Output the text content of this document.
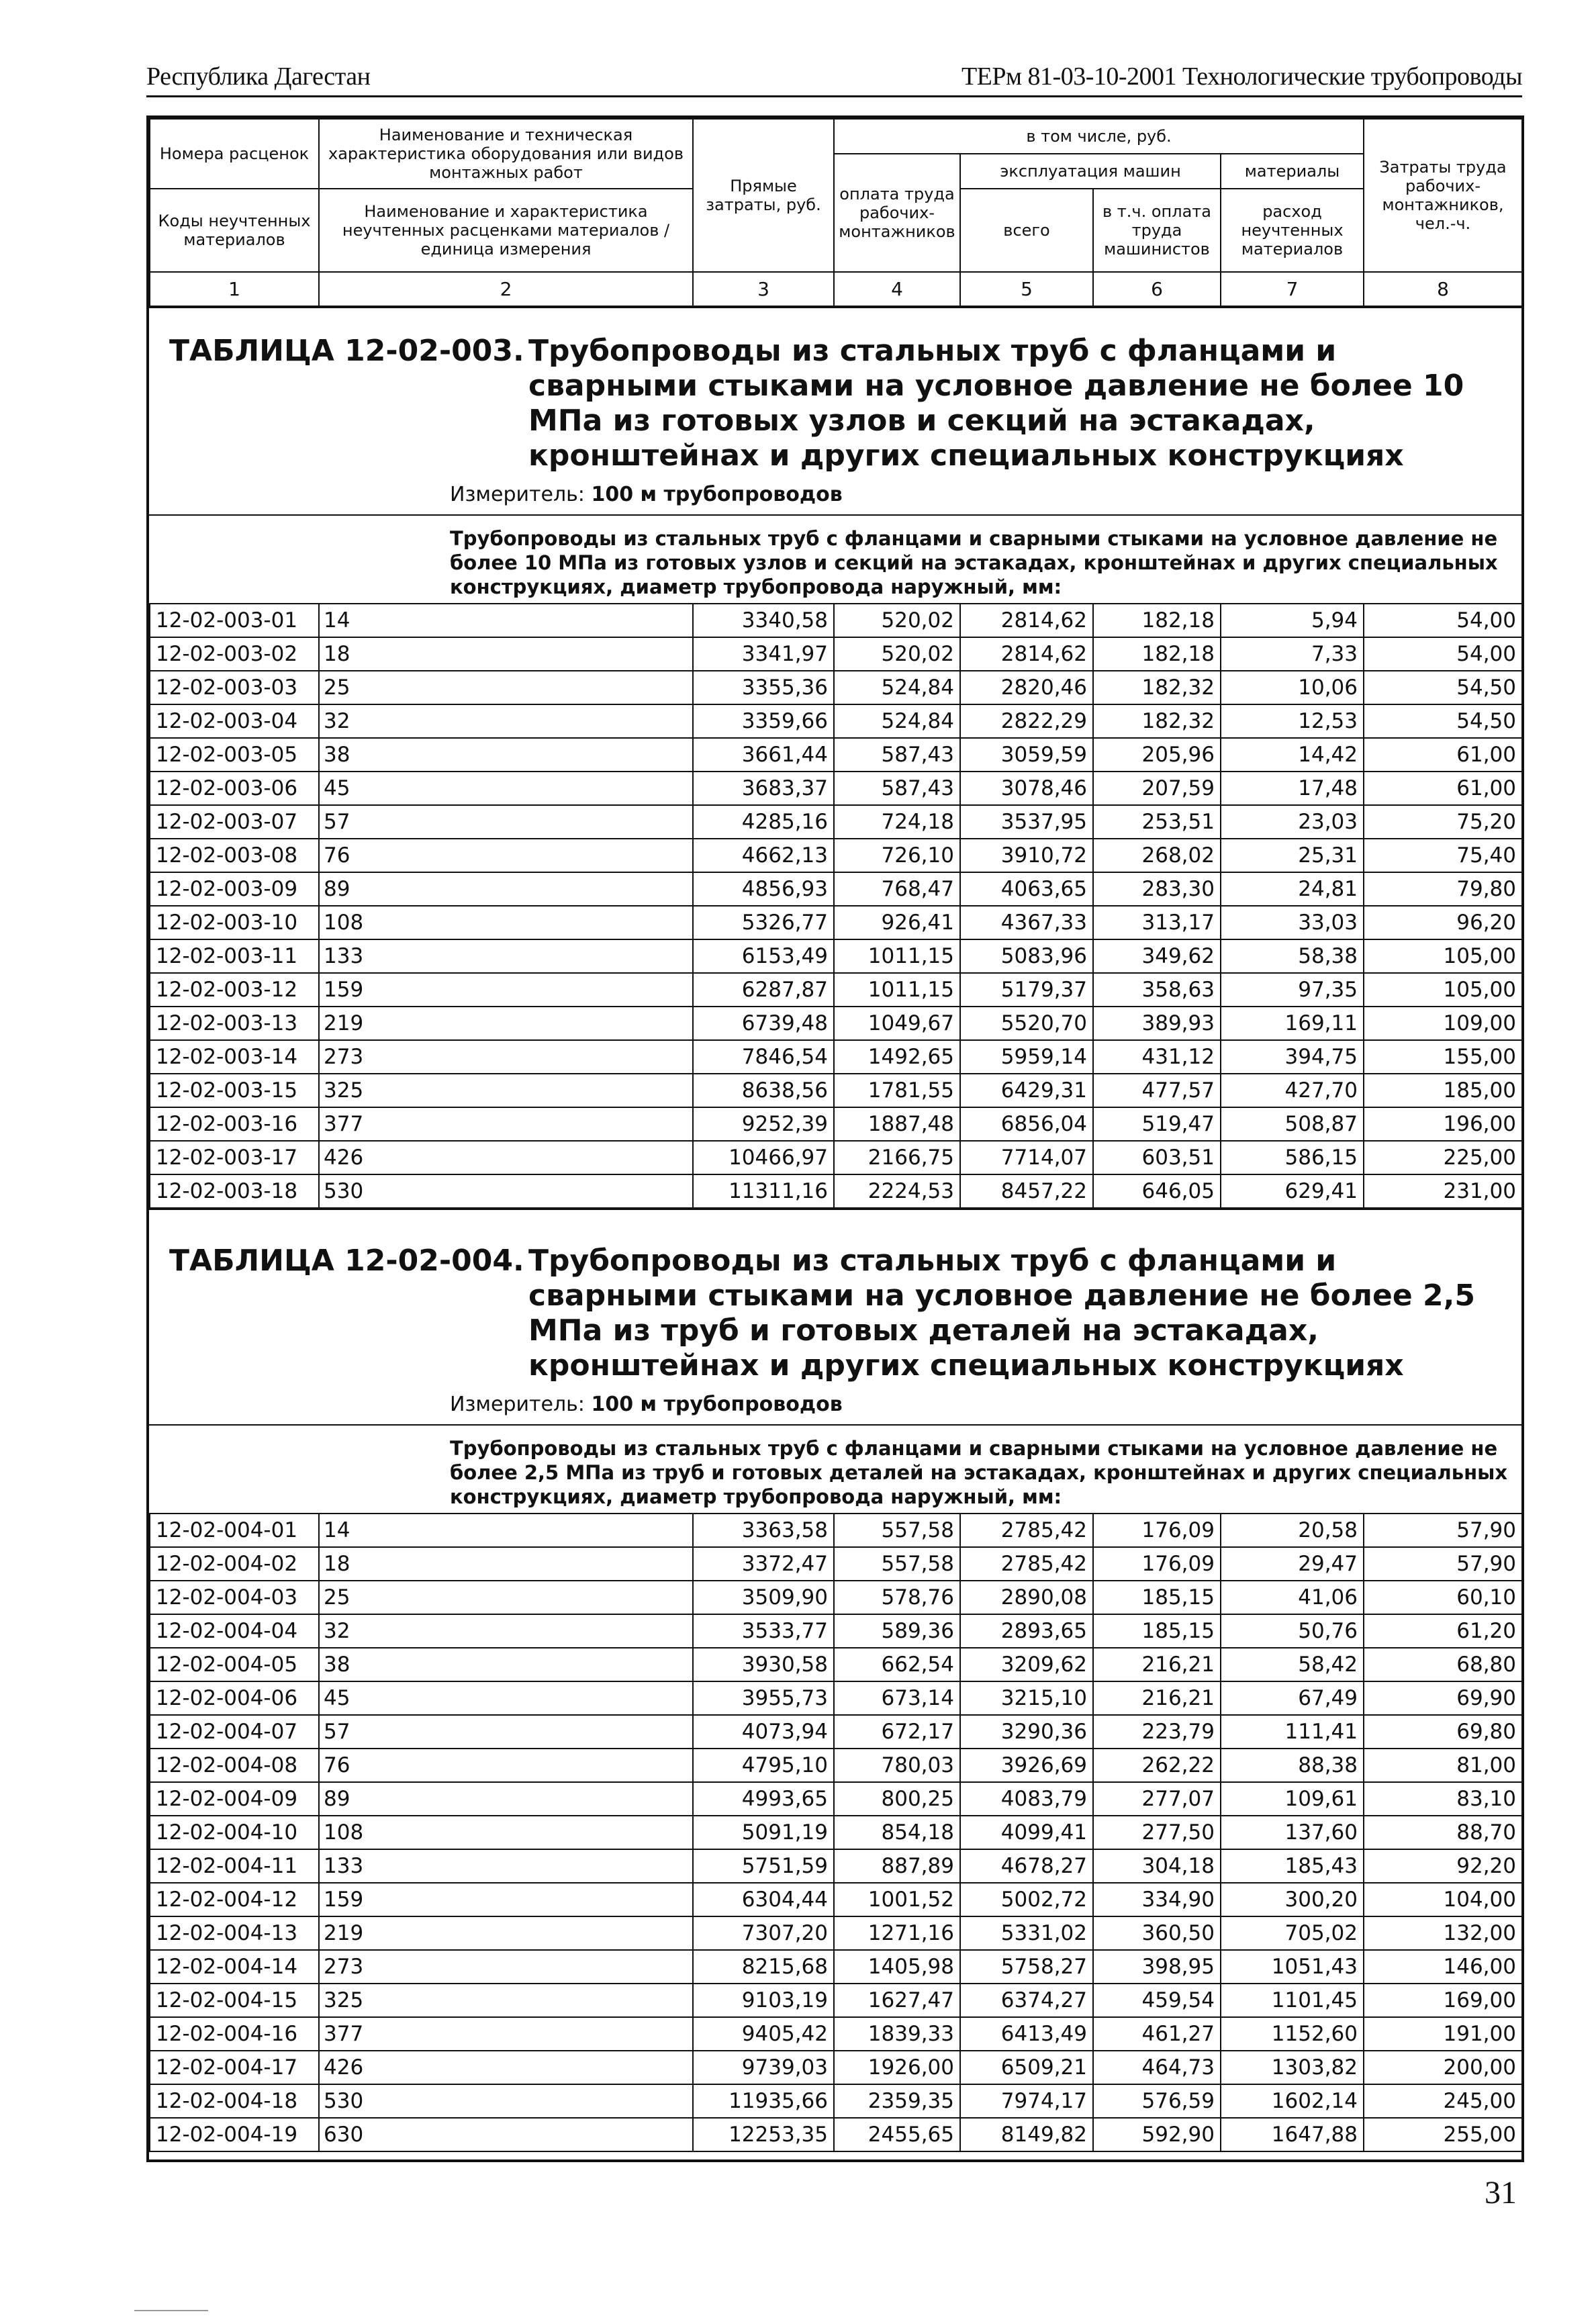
Республика Дагестан	ТЕРм 81-03-10-2001 Технологические трубопроводы
Номера расценок	Наименование и техническая характеристика оборудования или видов монтажных работ	Прямые затраты, руб.	в том числе, руб.				Затраты труда рабочих-монтажников, чел.-ч.
			оплата труда рабочих-монтажников	эксплуатация машин		материалы	
Коды неучтенных материалов	Наименование и характеристика неучтенных расценками материалов / единица измерения			всего	в т.ч. оплата труда машинистов	расход неучтенных материалов	

1	2	3	4	5	6	7	8
ТАБЛИЦА 12-02-003. Трубопроводы из стальных труб с фланцами и сварными стыками на условное давление не более 10 МПа из готовых узлов и секций на эстакадах, кронштейнах и других специальных конструкциях
Измеритель: 100 м трубопроводов
Трубопроводы из стальных труб с фланцами и сварными стыками на условное давление не более 10 МПа из готовых узлов и секций на эстакадах, кронштейнах и других специальных конструкциях, диаметр трубопровода наружный, мм:
12-02-003-01	14	3340,58	520,02	2814,62	182,18	5,94	54,00
12-02-003-02	18	3341,97	520,02	2814,62	182,18	7,33	54,00
12-02-003-03	25	3355,36	524,84	2820,46	182,32	10,06	54,50
12-02-003-04	32	3359,66	524,84	2822,29	182,32	12,53	54,50
12-02-003-05	38	3661,44	587,43	3059,59	205,96	14,42	61,00
12-02-003-06	45	3683,37	587,43	3078,46	207,59	17,48	61,00
12-02-003-07	57	4285,16	724,18	3537,95	253,51	23,03	75,20
12-02-003-08	76	4662,13	726,10	3910,72	268,02	25,31	75,40
12-02-003-09	89	4856,93	768,47	4063,65	283,30	24,81	79,80
12-02-003-10	108	5326,77	926,41	4367,33	313,17	33,03	96,20
12-02-003-11	133	6153,49	1011,15	5083,96	349,62	58,38	105,00
12-02-003-12	159	6287,87	1011,15	5179,37	358,63	97,35	105,00
12-02-003-13	219	6739,48	1049,67	5520,70	389,93	169,11	109,00
12-02-003-14	273	7846,54	1492,65	5959,14	431,12	394,75	155,00
12-02-003-15	325	8638,56	1781,55	6429,31	477,57	427,70	185,00
12-02-003-16	377	9252,39	1887,48	6856,04	519,47	508,87	196,00
12-02-003-17	426	10466,97	2166,75	7714,07	603,51	586,15	225,00
12-02-003-18	530	11311,16	2224,53	8457,22	646,05	629,41	231,00
ТАБЛИЦА 12-02-004. Трубопроводы из стальных труб с фланцами и сварными стыками на условное давление не более 2,5 МПа из труб и готовых деталей на эстакадах, кронштейнах и других специальных конструкциях
Измеритель: 100 м трубопроводов
Трубопроводы из стальных труб с фланцами и сварными стыками на условное давление не более 2,5 МПа из труб и готовых деталей на эстакадах, кронштейнах и других специальных конструкциях, диаметр трубопровода наружный, мм:
12-02-004-01	14	3363,58	557,58	2785,42	176,09	20,58	57,90
12-02-004-02	18	3372,47	557,58	2785,42	176,09	29,47	57,90
12-02-004-03	25	3509,90	578,76	2890,08	185,15	41,06	60,10
12-02-004-04	32	3533,77	589,36	2893,65	185,15	50,76	61,20
12-02-004-05	38	3930,58	662,54	3209,62	216,21	58,42	68,80
12-02-004-06	45	3955,73	673,14	3215,10	216,21	67,49	69,90
12-02-004-07	57	4073,94	672,17	3290,36	223,79	111,41	69,80
12-02-004-08	76	4795,10	780,03	3926,69	262,22	88,38	81,00
12-02-004-09	89	4993,65	800,25	4083,79	277,07	109,61	83,10
12-02-004-10	108	5091,19	854,18	4099,41	277,50	137,60	88,70
12-02-004-11	133	5751,59	887,89	4678,27	304,18	185,43	92,20
12-02-004-12	159	6304,44	1001,52	5002,72	334,90	300,20	104,00
12-02-004-13	219	7307,20	1271,16	5331,02	360,50	705,02	132,00
12-02-004-14	273	8215,68	1405,98	5758,27	398,95	1051,43	146,00
12-02-004-15	325	9103,19	1627,47	6374,27	459,54	1101,45	169,00
12-02-004-16	377	9405,42	1839,33	6413,49	461,27	1152,60	191,00
12-02-004-17	426	9739,03	1926,00	6509,21	464,73	1303,82	200,00
12-02-004-18	530	11935,66	2359,35	7974,17	576,59	1602,14	245,00
12-02-004-19	630	12253,35	2455,65	8149,82	592,90	1647,88	255,00
31
